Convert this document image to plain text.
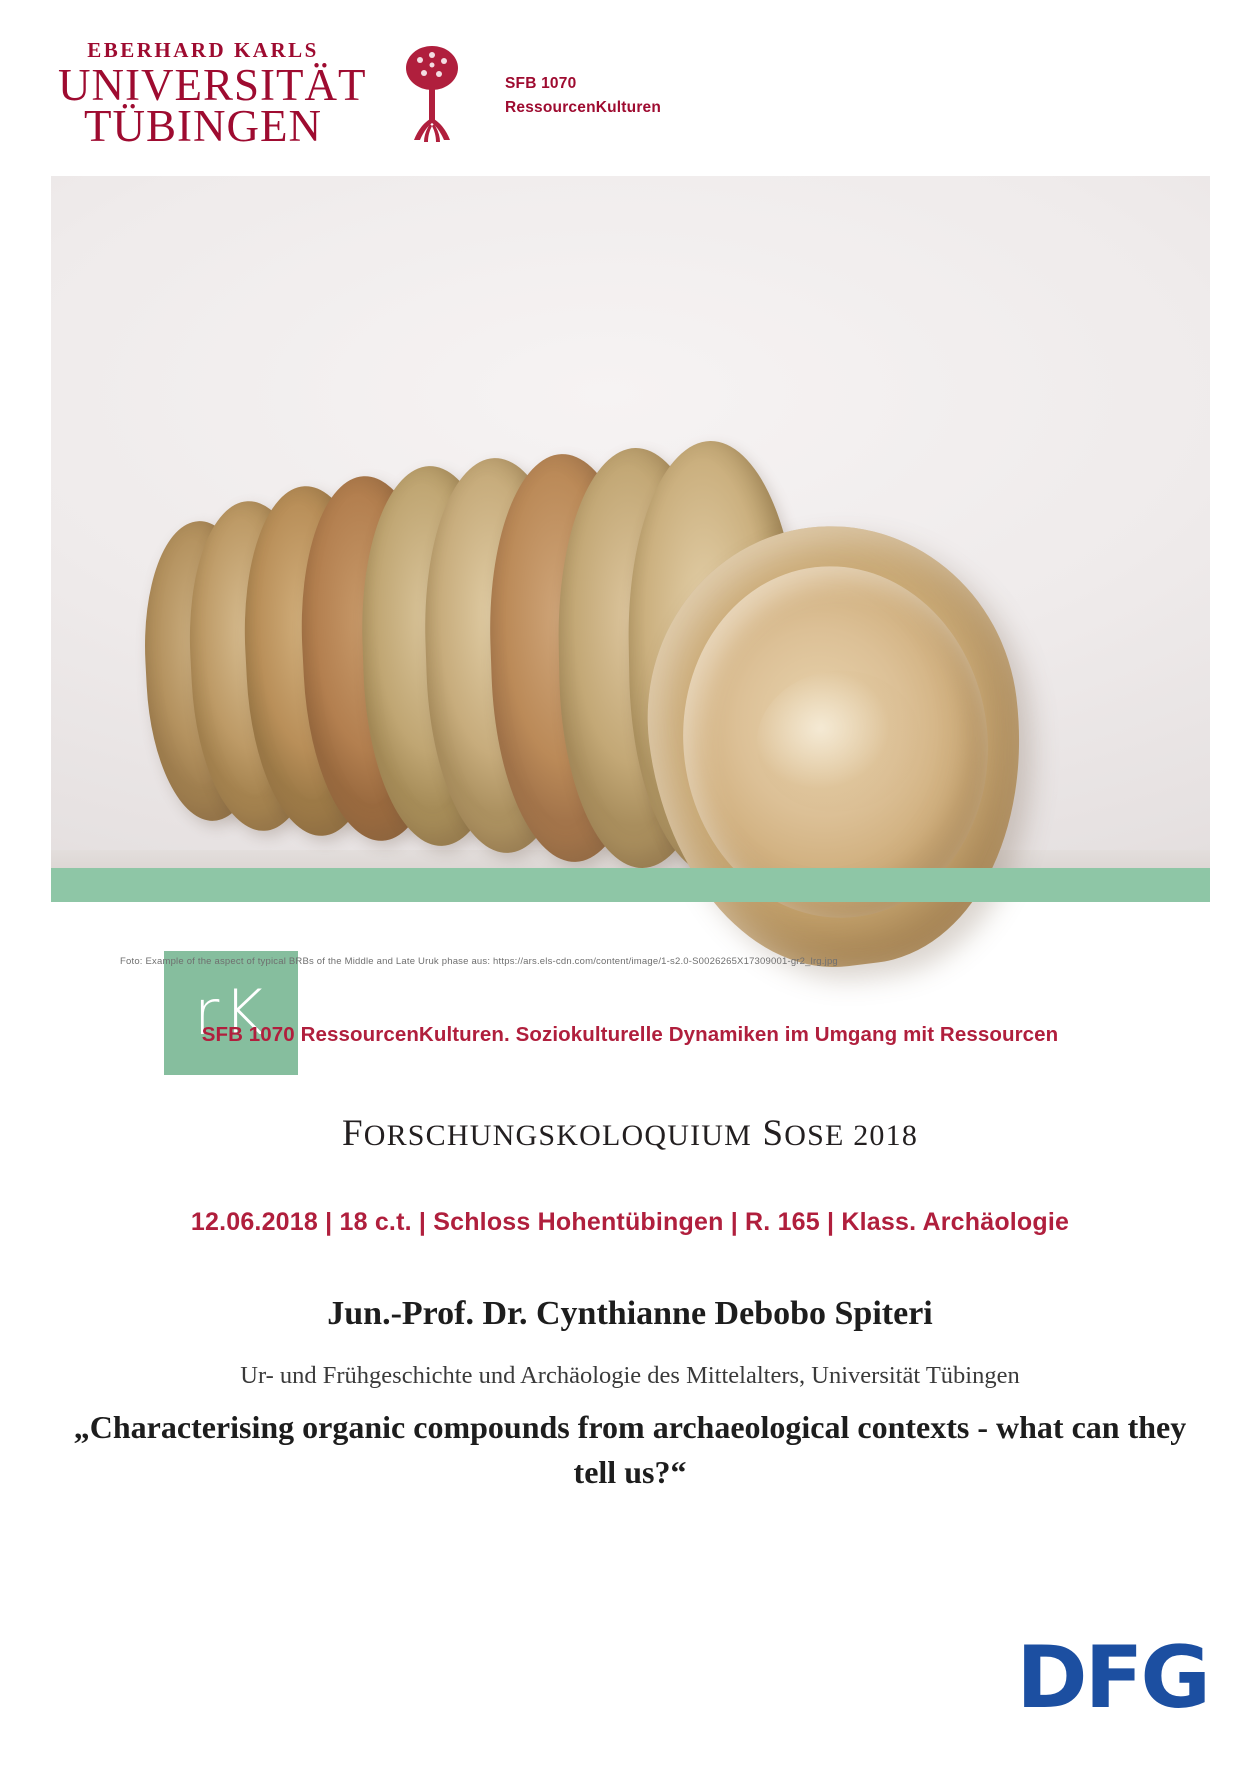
EBERHARD KARLS
UNIVERSITÄT
TÜBINGEN
SFB 1070
RessourcenKulturen
rK
Foto: Example of the aspect of typical BRBs of the Middle and Late Uruk phase aus: https://ars.els-cdn.com/content/image/1-s2.0-S0026265X17309001-gr2_lrg.jpg
SFB 1070 RessourcenKulturen. Soziokulturelle Dynamiken im Umgang mit Ressourcen
FORSCHUNGSKOLOQUIUM SOSE 2018
12.06.2018 | 18 c.t. | Schloss Hohentübingen | R. 165 | Klass. Archäologie
Jun.-Prof. Dr. Cynthianne Debobo Spiteri
Ur- und Frühgeschichte und Archäologie des Mittelalters, Universität Tübingen
„Characterising organic compounds from archaeological contexts - what can they tell us?“
DFG
